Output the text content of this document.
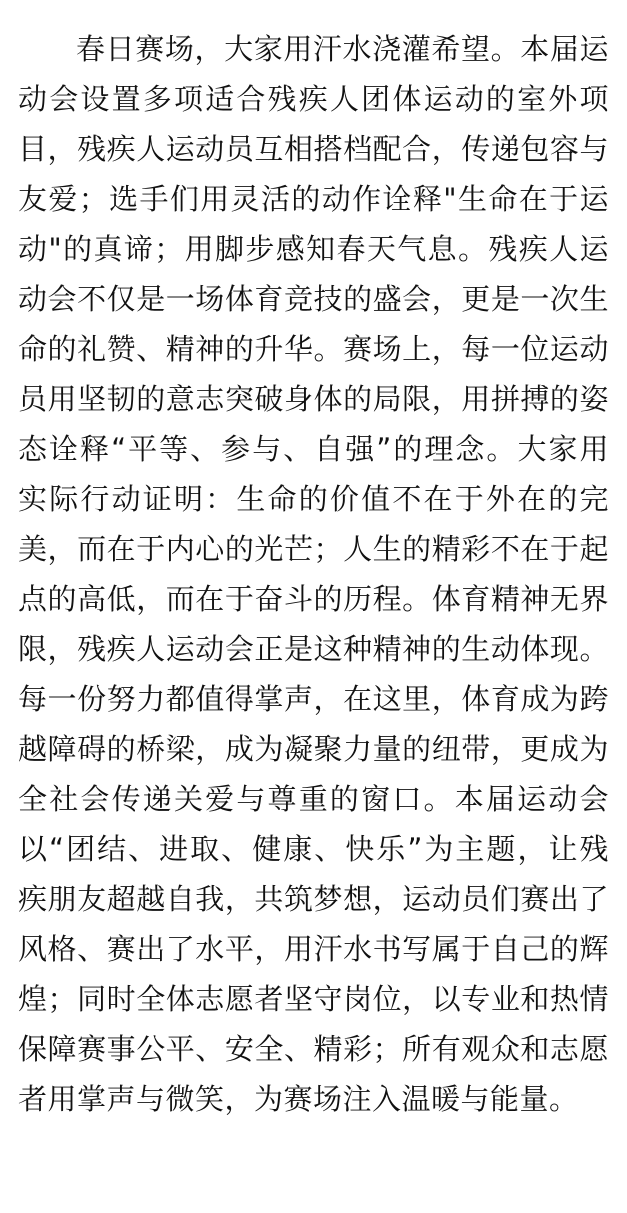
春日赛场，大家用汗水浇灌希望。本届运动会设置多项适合残疾人团体运动的室外项目，残疾人运动员互相搭档配合，传递包容与友爱；选手们用灵活的动作诠释"生命在于运动"的真谛；用脚步感知春天气息。残疾人运动会不仅是一场体育竞技的盛会，更是一次生命的礼赞、精神的升华。赛场上，每一位运动员用坚韧的意志突破身体的局限，用拼搏的姿态诠释“平等、参与、自强”的理念。大家用实际行动证明：生命的价值不在于外在的完美，而在于内心的光芒；人生的精彩不在于起点的高低，而在于奋斗的历程。体育精神无界限，残疾人运动会正是这种精神的生动体现。每一份努力都值得掌声，在这里，体育成为跨越障碍的桥梁，成为凝聚力量的纽带，更成为全社会传递关爱与尊重的窗口。本届运动会以“团结、进取、健康、快乐”为主题，让残疾朋友超越自我，共筑梦想，运动员们赛出了风格、赛出了水平，用汗水书写属于自己的辉煌；同时全体志愿者坚守岗位，以专业和热情保障赛事公平、安全、精彩；所有观众和志愿者用掌声与微笑，为赛场注入温暖与能量。
